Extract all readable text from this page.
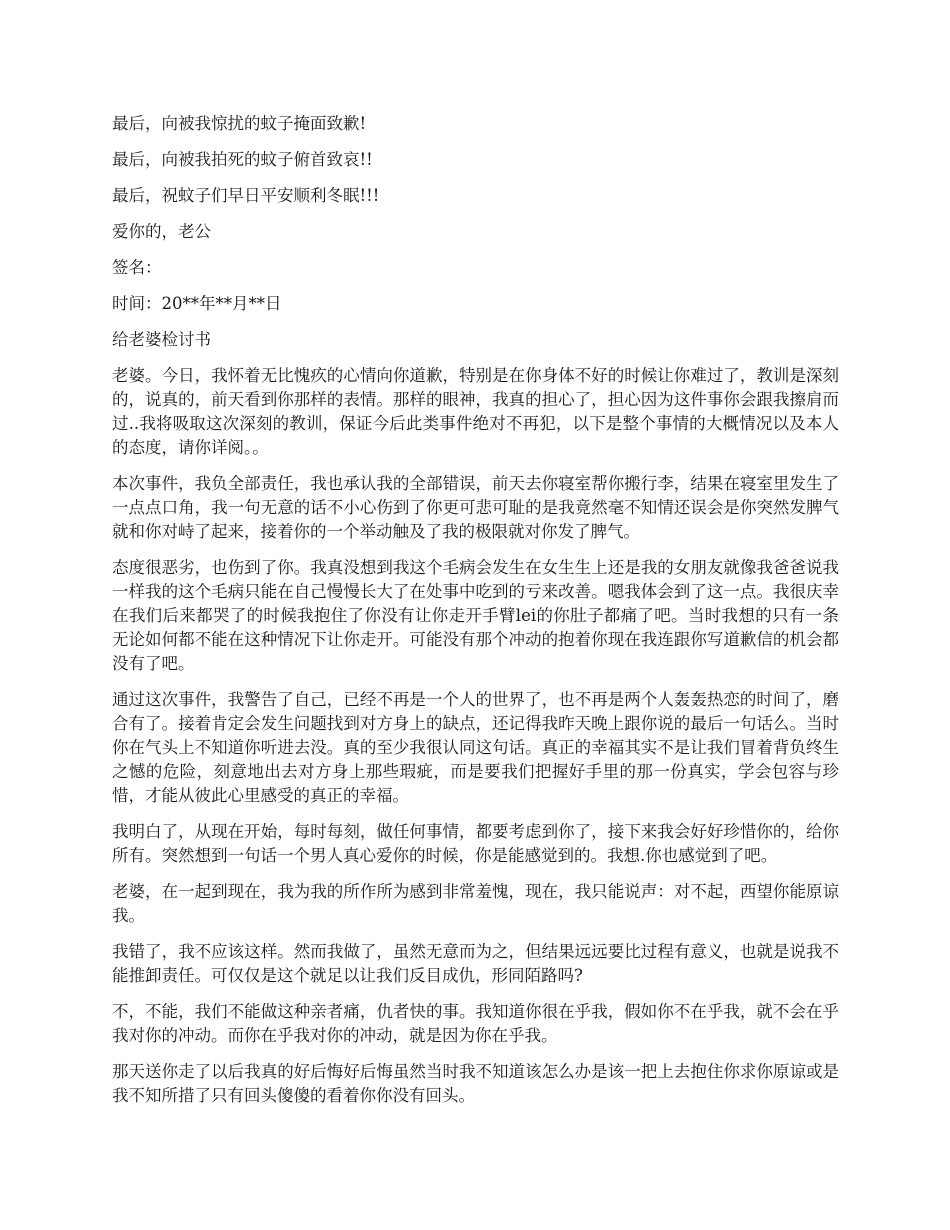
最后，向被我惊扰的蚊子掩面致歉!

最后，向被我拍死的蚊子俯首致哀!!

最后，祝蚊子们早日平安顺利冬眠!!!

爱你的，老公

签名：

时间：20**年**月**日

给老婆检讨书

老婆。今日，我怀着无比愧疚的心情向你道歉，特别是在你身体不好的时候让你难过了，教训是深刻的，说真的，前天看到你那样的表情。那样的眼神，我真的担心了，担心因为这件事你会跟我擦肩而过..我将吸取这次深刻的教训，保证今后此类事件绝对不再犯，以下是整个事情的大概情况以及本人的态度，请你详阅。。

本次事件，我负全部责任，我也承认我的全部错误，前天去你寝室帮你搬行李，结果在寝室里发生了一点点口角，我一句无意的话不小心伤到了你更可悲可耻的是我竟然毫不知情还误会是你突然发脾气就和你对峙了起来，接着你的一个举动触及了我的极限就对你发了脾气。

态度很恶劣，也伤到了你。我真没想到我这个毛病会发生在女生生上还是我的女朋友就像我爸爸说我一样我的这个毛病只能在自己慢慢长大了在处事中吃到的亏来改善。嗯我体会到了这一点。我很庆幸在我们后来都哭了的时候我抱住了你没有让你走开手臂lei的你肚子都痛了吧。当时我想的只有一条无论如何都不能在这种情况下让你走开。可能没有那个冲动的抱着你现在我连跟你写道歉信的机会都没有了吧。

通过这次事件，我警告了自己，已经不再是一个人的世界了，也不再是两个人轰轰热恋的时间了，磨合有了。接着肯定会发生问题找到对方身上的缺点，还记得我昨天晚上跟你说的最后一句话么。当时你在气头上不知道你听进去没。真的至少我很认同这句话。真正的幸福其实不是让我们冒着背负终生之憾的危险，刻意地出去对方身上那些瑕疵，而是要我们把握好手里的那一份真实，学会包容与珍惜，才能从彼此心里感受的真正的幸福。

我明白了，从现在开始，每时每刻，做任何事情，都要考虑到你了，接下来我会好好珍惜你的，给你所有。突然想到一句话一个男人真心爱你的时候，你是能感觉到的。我想.你也感觉到了吧。

老婆，在一起到现在，我为我的所作所为感到非常羞愧，现在，我只能说声：对不起，西望你能原谅我。

我错了，我不应该这样。然而我做了，虽然无意而为之，但结果远远要比过程有意义，也就是说我不能推卸责任。可仅仅是这个就足以让我们反目成仇，形同陌路吗?

不，不能，我们不能做这种亲者痛，仇者快的事。我知道你很在乎我，假如你不在乎我，就不会在乎我对你的冲动。而你在乎我对你的冲动，就是因为你在乎我。

那天送你走了以后我真的好后悔好后悔虽然当时我不知道该怎么办是该一把上去抱住你求你原谅或是我不知所措了只有回头傻傻的看着你你没有回头。
